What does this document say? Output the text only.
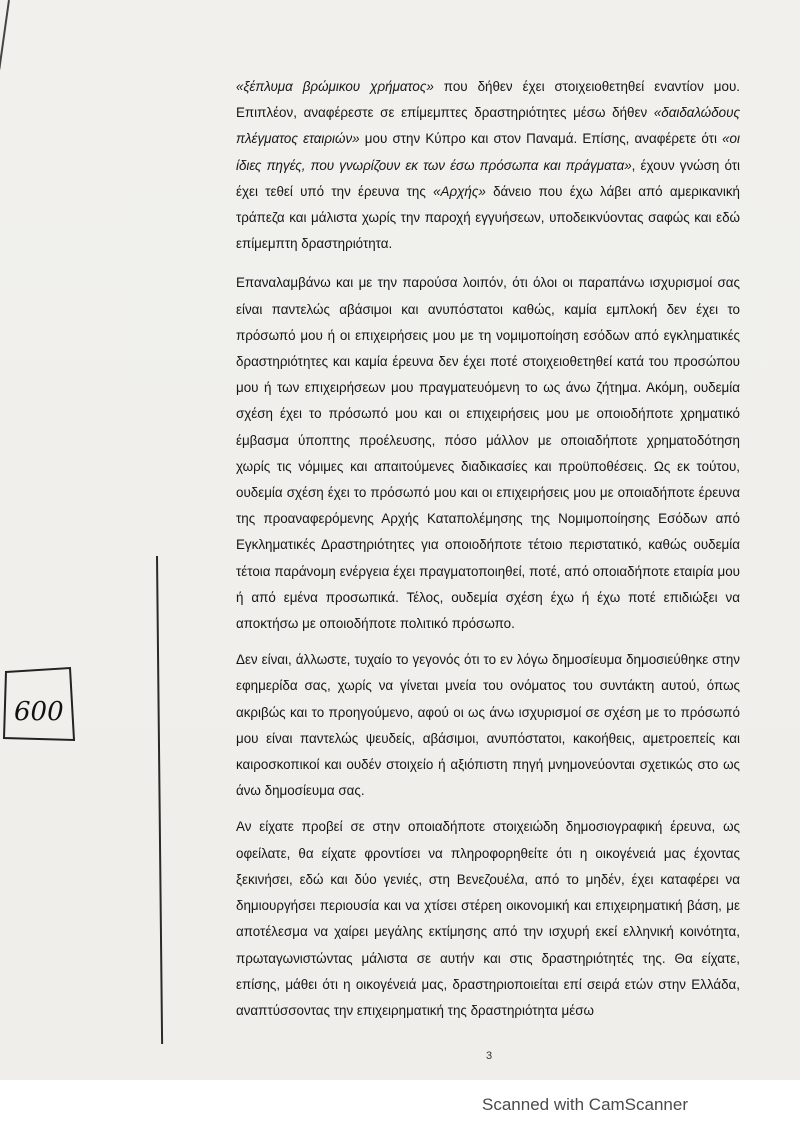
«ξέπλυμα βρώμικου χρήματος» που δήθεν έχει στοιχειοθετηθεί εναντίον μου. Επιπλέον, αναφέρεστε σε επίμεμπτες δραστηριότητες μέσω δήθεν «δαιδαλώδους πλέγματος εταιριών» μου στην Κύπρο και στον Παναμά. Επίσης, αναφέρετε ότι «οι ίδιες πηγές, που γνωρίζουν εκ των έσω πρόσωπα και πράγματα», έχουν γνώση ότι έχει τεθεί υπό την έρευνα της «Αρχής» δάνειο που έχω λάβει από αμερικανική τράπεζα και μάλιστα χωρίς την παροχή εγγυήσεων, υποδεικνύοντας σαφώς και εδώ επίμεμπτη δραστηριότητα.

Επαναλαμβάνω και με την παρούσα λοιπόν, ότι όλοι οι παραπάνω ισχυρισμοί σας είναι παντελώς αβάσιμοι και ανυπόστατοι καθώς, καμία εμπλοκή δεν έχει το πρόσωπό μου ή οι επιχειρήσεις μου με τη νομιμοποίηση εσόδων από εγκληματικές δραστηριότητες και καμία έρευνα δεν έχει ποτέ στοιχειοθετηθεί κατά του προσώπου μου ή των επιχειρήσεων μου πραγματευόμενη το ως άνω ζήτημα. Ακόμη, ουδεμία σχέση έχει το πρόσωπό μου και οι επιχειρήσεις μου με οποιοδήποτε χρηματικό έμβασμα ύποπτης προέλευσης, πόσο μάλλον με οποιαδήποτε χρηματοδότηση χωρίς τις νόμιμες και απαιτούμενες διαδικασίες και προϋποθέσεις. Ως εκ τούτου, ουδεμία σχέση έχει το πρόσωπό μου και οι επιχειρήσεις μου με οποιαδήποτε έρευνα της προαναφερόμενης Αρχής Καταπολέμησης της Νομιμοποίησης Εσόδων από Εγκληματικές Δραστηριότητες για οποιοδήποτε τέτοιο περιστατικό, καθώς ουδεμία τέτοια παράνομη ενέργεια έχει πραγματοποιηθεί, ποτέ, από οποιαδήποτε εταιρία μου ή από εμένα προσωπικά. Τέλος, ουδεμία σχέση έχω ή έχω ποτέ επιδιώξει να αποκτήσω με οποιοδήποτε πολιτικό πρόσωπο.

Δεν είναι, άλλωστε, τυχαίο το γεγονός ότι το εν λόγω δημοσίευμα δημοσιεύθηκε στην εφημερίδα σας, χωρίς να γίνεται μνεία του ονόματος του συντάκτη αυτού, όπως ακριβώς και το προηγούμενο, αφού οι ως άνω ισχυρισμοί σε σχέση με το πρόσωπό μου είναι παντελώς ψευδείς, αβάσιμοι, ανυπόστατοι, κακοήθεις, αμετροεπείς και καιροσκοπικοί και ουδέν στοιχείο ή αξιόπιστη πηγή μνημονεύονται σχετικώς στο ως άνω δημοσίευμα σας.

Αν είχατε προβεί σε στην οποιαδήποτε στοιχειώδη δημοσιογραφική έρευνα, ως οφείλατε, θα είχατε φροντίσει να πληροφορηθείτε ότι η οικογένειά μας έχοντας ξεκινήσει, εδώ και δύο γενιές, στη Βενεζουέλα, από το μηδέν, έχει καταφέρει να δημιουργήσει περιουσία και να χτίσει στέρεη οικονομική και επιχειρηματική βάση, με αποτέλεσμα να χαίρει μεγάλης εκτίμησης από την ισχυρή εκεί ελληνική κοινότητα, πρωταγωνιστώντας μάλιστα σε αυτήν και στις δραστηριότητές της. Θα είχατε, επίσης, μάθει ότι η οικογένειά μας, δραστηριοποιείται επί σειρά ετών στην Ελλάδα, αναπτύσσοντας την επιχειρηματική της δραστηριότητα μέσω

600
3
Scanned with CamScanner
